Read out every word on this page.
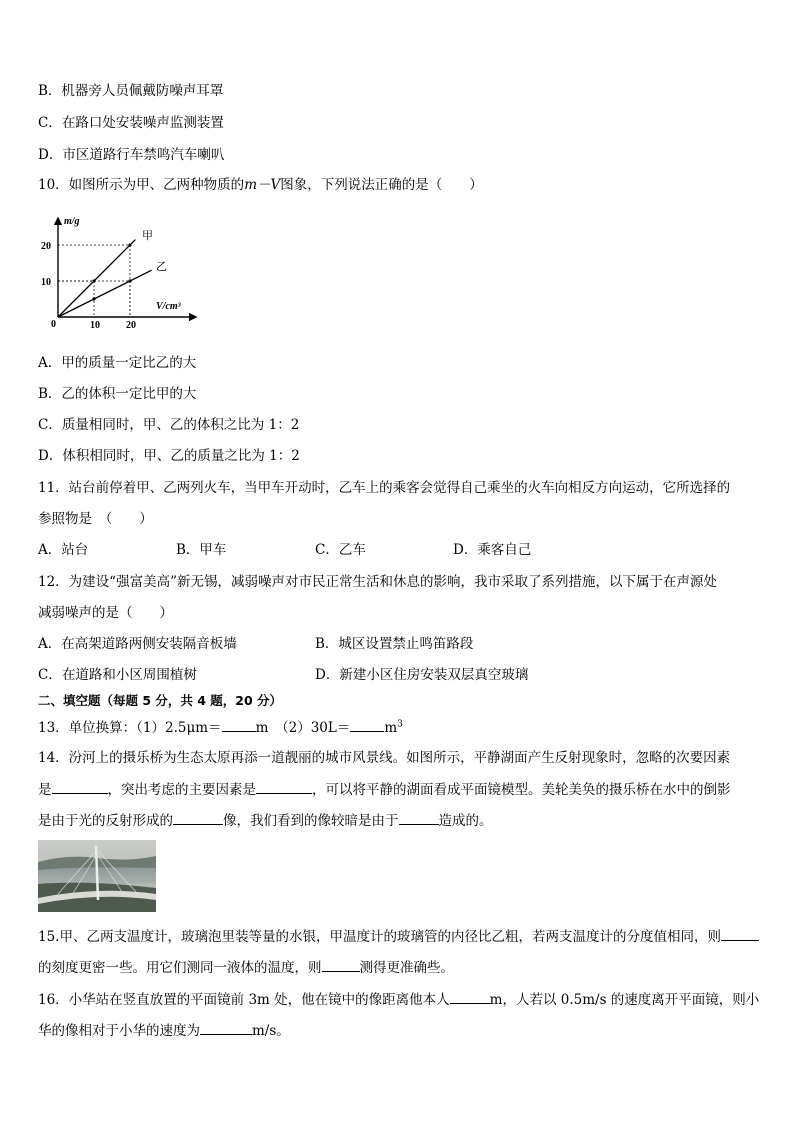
B．机器旁人员佩戴防噪声耳罩
C．在路口处安装噪声监测装置
D．市区道路行车禁鸣汽车喇叭
10．如图所示为甲、乙两种物质的m－V图象，下列说法正确的是（　　）
m/g
V/cm³
0
10
20
10	20
甲
乙
A．甲的质量一定比乙的大
B．乙的体积一定比甲的大
C．质量相同时，甲、乙的体积之比为 1：2
D．体积相同时，甲、乙的质量之比为 1：2
11．站台前停着甲、乙两列火车，当甲车开动时，乙车上的乘客会觉得自己乘坐的火车向相反方向运动，它所选择的
参照物是　（　　）
A．站台	B．甲车	C．乙车	D．乘客自己
12．为建设“强富美高”新无锡，减弱噪声对市民正常生活和休息的影响，我市采取了系列措施，以下属于在声源处
减弱噪声的是（　　）
A．在高架道路两侧安装隔音板墙	B．城区设置禁止鸣笛路段
C．在道路和小区周围植树	D．新建小区住房安装双层真空玻璃
二、填空题（每题 5 分，共 4 题，20 分）
13．单位换算：（1）2.5μm＝	m　 （2）30L＝	$m^3$
14．汾河上的摄乐桥为生态太原再添一道靓丽的城市风景线。如图所示，平静湖面产生反射现象时，忽略的次要因素
是	，突出考虑的主要因素是	，可以将平静的湖面看成平面镜模型。美轮美奂的摄乐桥在水中的倒影
是由于光的反射形成的	像，我们看到的像较暗是由于	造成的。
15.甲、乙两支温度计，玻璃泡里装等量的水银，甲温度计的玻璃管的内径比乙粗，若两支温度计的分度值相同，则
的刻度更密一些。用它们测同一液体的温度，则	测得更准确些。
16．小华站在竖直放置的平面镜前 3m 处，他在镜中的像距离他本人	m，人若以 0.5m/s 的速度离开平面镜，则小
华的像相对于小华的速度为	m/s。
